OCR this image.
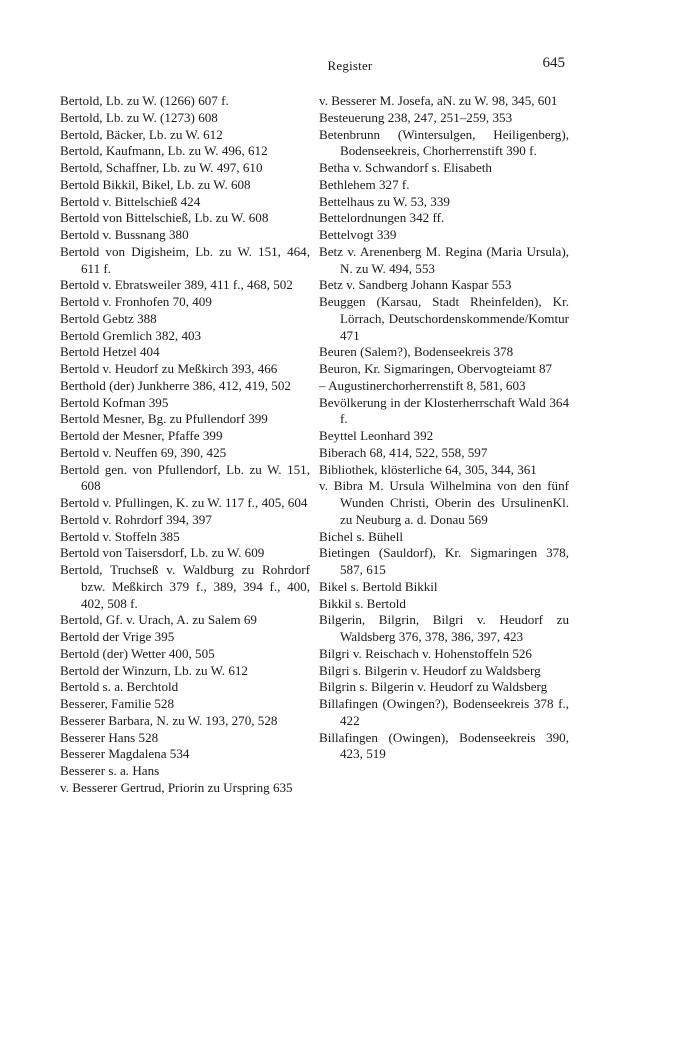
Register	645

Bertold, Lb. zu W. (1266) 607 f.

Bertold, Lb. zu W. (1273) 608

Bertold, Bäcker, Lb. zu W. 612

Bertold, Kaufmann, Lb. zu W. 496, 612

Bertold, Schaffner, Lb. zu W. 497, 610

Bertold Bikkil, Bikel, Lb. zu W. 608

Bertold v. Bittelschieß 424

Bertold von Bittelschieß, Lb. zu W. 608

Bertold v. Bussnang 380

Bertold von Digisheim, Lb. zu W. 151, 464, 611 f.

Bertold v. Ebratsweiler 389, 411 f., 468, 502

Bertold v. Fronhofen 70, 409

Bertold Gebtz 388

Bertold Gremlich 382, 403

Bertold Hetzel 404

Bertold v. Heudorf zu Meßkirch 393, 466

Berthold (der) Junkherre 386, 412, 419, 502

Bertold Kofman 395

Bertold Mesner, Bg. zu Pfullendorf 399

Bertold der Mesner, Pfaffe 399

Bertold v. Neuffen 69, 390, 425

Bertold gen. von Pfullendorf, Lb. zu W. 151, 608

Bertold v. Pfullingen, K. zu W. 117 f., 405, 604

Bertold v. Rohrdorf 394, 397

Bertold v. Stoffeln 385

Bertold von Taisersdorf, Lb. zu W. 609

Bertold, Truchseß v. Waldburg zu Rohrdorf bzw. Meßkirch 379 f., 389, 394 f., 400, 402, 508 f.

Bertold, Gf. v. Urach, A. zu Salem 69

Bertold der Vrige 395

Bertold (der) Wetter 400, 505

Bertold der Winzurn, Lb. zu W. 612

Bertold s. a. Berchtold

Besserer, Familie 528

Besserer Barbara, N. zu W. 193, 270, 528

Besserer Hans 528

Besserer Magdalena 534

Besserer s. a. Hans

v. Besserer Gertrud, Priorin zu Urspring 635

v. Besserer M. Josefa, aN. zu W. 98, 345, 601

Besteuerung 238, 247, 251–259, 353

Betenbrunn (Wintersulgen, Heiligenberg), Bodenseekreis, Chorherrenstift 390 f.

Betha v. Schwandorf s. Elisabeth

Bethlehem 327 f.

Bettelhaus zu W. 53, 339

Bettelordnungen 342 ff.

Bettelvogt 339

Betz v. Arenenberg M. Regina (Maria Ursula), N. zu W. 494, 553

Betz v. Sandberg Johann Kaspar 553

Beuggen (Karsau, Stadt Rheinfelden), Kr. Lörrach, Deutschordenskommende/Komtur 471

Beuren (Salem?), Bodenseekreis 378

Beuron, Kr. Sigmaringen, Obervogteiamt 87

– Augustinerchorherrenstift 8, 581, 603

Bevölkerung in der Klosterherrschaft Wald 364 f.

Beyttel Leonhard 392

Biberach 68, 414, 522, 558, 597

Bibliothek, klösterliche 64, 305, 344, 361

v. Bibra M. Ursula Wilhelmina von den fünf Wunden Christi, Oberin des UrsulinenKl. zu Neuburg a. d. Donau 569

Bichel s. Bühell

Bietingen (Sauldorf), Kr. Sigmaringen 378, 587, 615

Bikel s. Bertold Bikkil

Bikkil s. Bertold

Bilgerin, Bilgrin, Bilgri v. Heudorf zu Waldsberg 376, 378, 386, 397, 423

Bilgri v. Reischach v. Hohenstoffeln 526

Bilgri s. Bilgerin v. Heudorf zu Waldsberg

Bilgrin s. Bilgerin v. Heudorf zu Waldsberg

Billafingen (Owingen?), Bodenseekreis 378 f., 422

Billafingen (Owingen), Bodenseekreis 390, 423, 519
